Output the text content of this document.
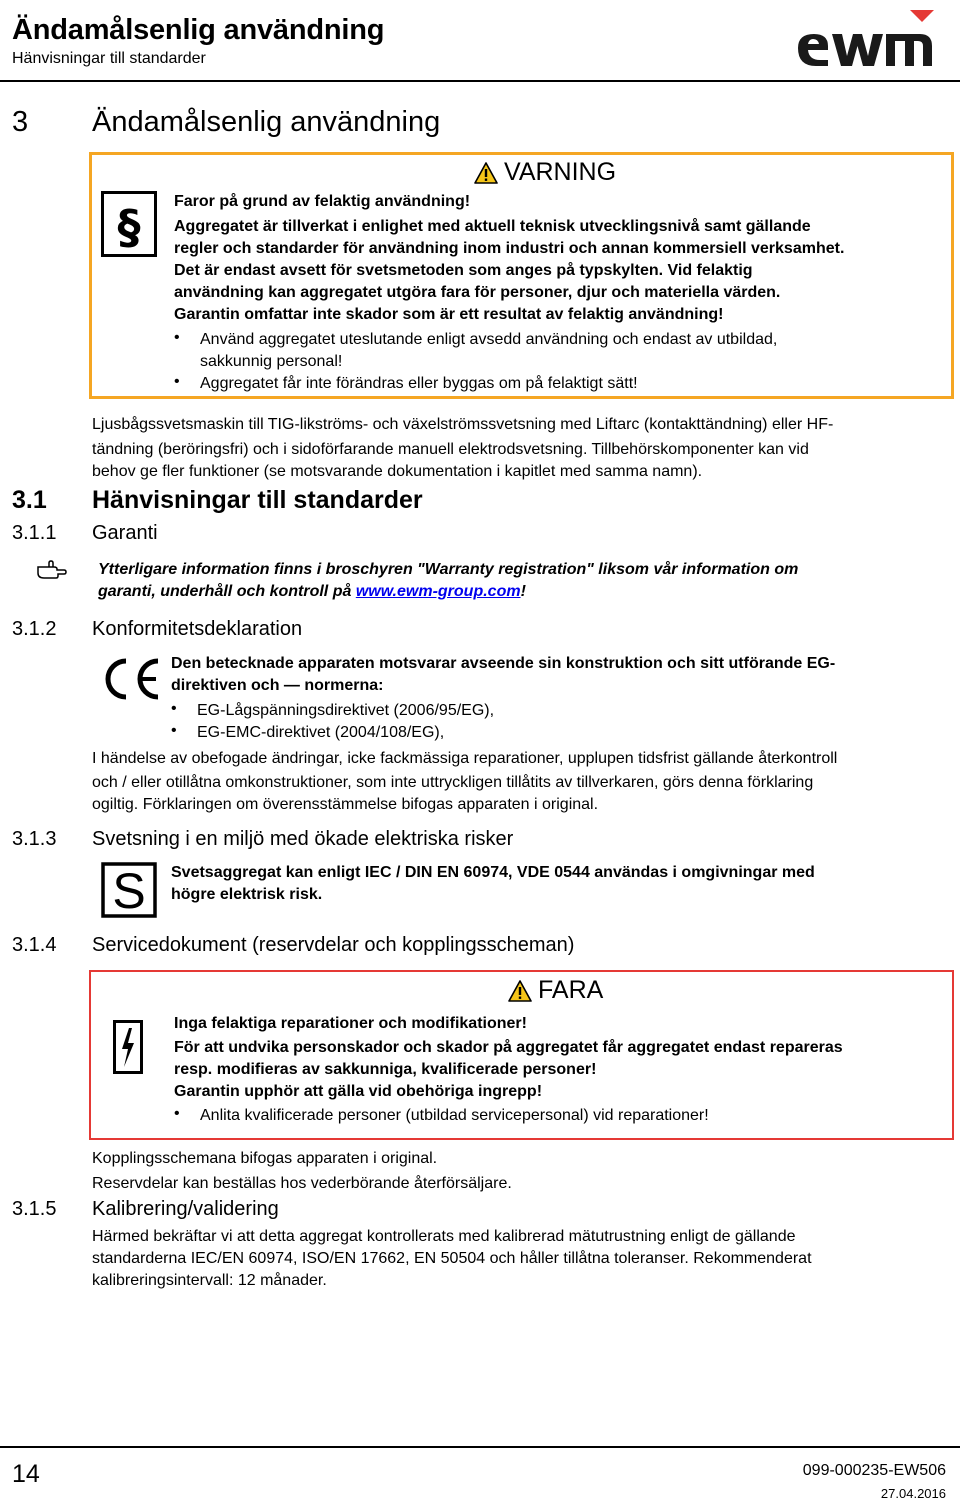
Ändamålsenlig användning
Hänvisningar till standarder
3 Ändamålsenlig användning
VARNING
§ Faror på grund av felaktig användning!
Aggregatet är tillverkat i enlighet med aktuell teknisk utvecklingsnivå samt gällande
regler och standarder för användning inom industri och annan kommersiell verksamhet.
Det är endast avsett för svetsmetoden som anges på typskylten. Vid felaktig
användning kan aggregatet utgöra fara för personer, djur och materiella värden.
Garantin omfattar inte skador som är ett resultat av felaktig användning!
• Använd aggregatet uteslutande enligt avsedd användning och endast av utbildad,
sakkunnig personal!
• Aggregatet får inte förändras eller byggas om på felaktigt sätt!
Ljusbågssvetsmaskin till TIG-likströms- och växelströmssvetsning med Liftarc (kontakttändning) eller HF-
tändning (beröringsfri) och i sidoförfarande manuell elektrodsvetsning. Tillbehörskomponenter kan vid
behov ge fler funktioner (se motsvarande dokumentation i kapitlet med samma namn).
3.1 Hänvisningar till standarder
3.1.1 Garanti
Ytterligare information finns i broschyren "Warranty registration" liksom vår information om
garanti, underhåll och kontroll på www.ewm-group.com!
3.1.2 Konformitetsdeklaration
Den betecknade apparaten motsvarar avseende sin konstruktion och sitt utförande EG-
direktiven och — normerna:
• EG-Lågspänningsdirektivet (2006/95/EG),
• EG-EMC-direktivet (2004/108/EG),
I händelse av obefogade ändringar, icke fackmässiga reparationer, upplupen tidsfrist gällande återkontroll
och / eller otillåtna omkonstruktioner, som inte uttryckligen tillåtits av tillverkaren, görs denna förklaring
ogiltig. Förklaringen om överensstämmelse bifogas apparaten i original.
3.1.3 Svetsning i en miljö med ökade elektriska risker
S Svetsaggregat kan enligt IEC / DIN EN 60974, VDE 0544 användas i omgivningar med
högre elektrisk risk.
3.1.4 Servicedokument (reservdelar och kopplingsscheman)
FARA
Inga felaktiga reparationer och modifikationer!
För att undvika personskador och skador på aggregatet får aggregatet endast repareras
resp. modifieras av sakkunniga, kvalificerade personer!
Garantin upphör att gälla vid obehöriga ingrepp!
• Anlita kvalificerade personer (utbildad servicepersonal) vid reparationer!
Kopplingsschemana bifogas apparaten i original.
Reservdelar kan beställas hos vederbörande återförsäljare.
3.1.5 Kalibrering/validering
Härmed bekräftar vi att detta aggregat kontrollerats med kalibrerad mätutrustning enligt de gällande
standarderna IEC/EN 60974, ISO/EN 17662, EN 50504 och håller tillåtna toleranser. Rekommenderat
kalibreringsintervall: 12 månader.
14	099-000235-EW506
27.04.2016
